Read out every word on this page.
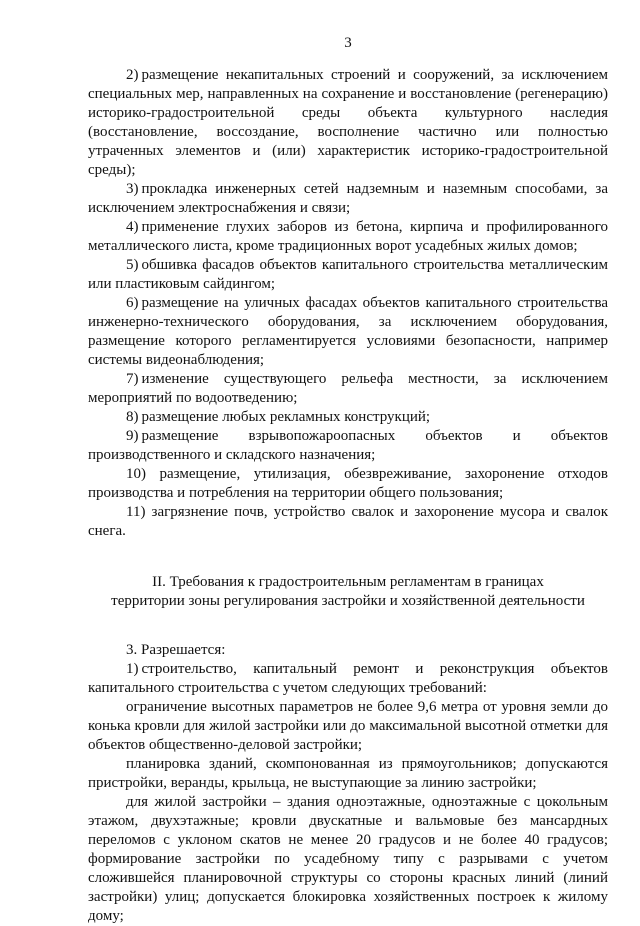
3

2) размещение некапитальных строений и сооружений, за исключением специальных мер, направленных на сохранение и восстановление (регенерацию) историко-градостроительной среды объекта культурного наследия (восстановление, воссоздание, восполнение частично или полностью утраченных элементов и (или) характеристик историко-градостроительной среды);

3) прокладка инженерных сетей надземным и наземным способами, за исключением электроснабжения и связи;

4) применение глухих заборов из бетона, кирпича и профилированного металлического листа, кроме традиционных ворот усадебных жилых домов;

5) обшивка фасадов объектов капитального строительства металлическим или пластиковым сайдингом;

6) размещение на уличных фасадах объектов капитального строительства инженерно-технического оборудования, за исключением оборудования, размещение которого регламентируется условиями безопасности, например системы видеонаблюдения;

7) изменение существующего рельефа местности, за исключением мероприятий по водоотведению;

8) размещение любых рекламных конструкций;

9) размещение взрывопожароопасных объектов и объектов производственного и складского назначения;

10) размещение, утилизация, обезвреживание, захоронение отходов производства и потребления на территории общего пользования;

11) загрязнение почв, устройство свалок и захоронение мусора и свалок снега.

II. Требования к градостроительным регламентам в границах
территории зоны регулирования застройки и хозяйственной деятельности

3. Разрешается:

1) строительство, капитальный ремонт и реконструкция объектов капитального строительства с учетом следующих требований:

ограничение высотных параметров не более 9,6 метра от уровня земли до конька кровли для жилой застройки или до максимальной высотной отметки для объектов общественно-деловой застройки;

планировка зданий, скомпонованная из прямоугольников; допускаются пристройки, веранды, крыльца, не выступающие за линию застройки;

для жилой застройки – здания одноэтажные, одноэтажные с цокольным этажом, двухэтажные; кровли двускатные и вальмовые без мансардных переломов с уклоном скатов не менее 20 градусов и не более 40 градусов; формирование застройки по усадебному типу с разрывами с учетом сложившейся планировочной структуры со стороны красных линий (линий застройки) улиц; допускается блокировка хозяйственных построек к жилому дому;
